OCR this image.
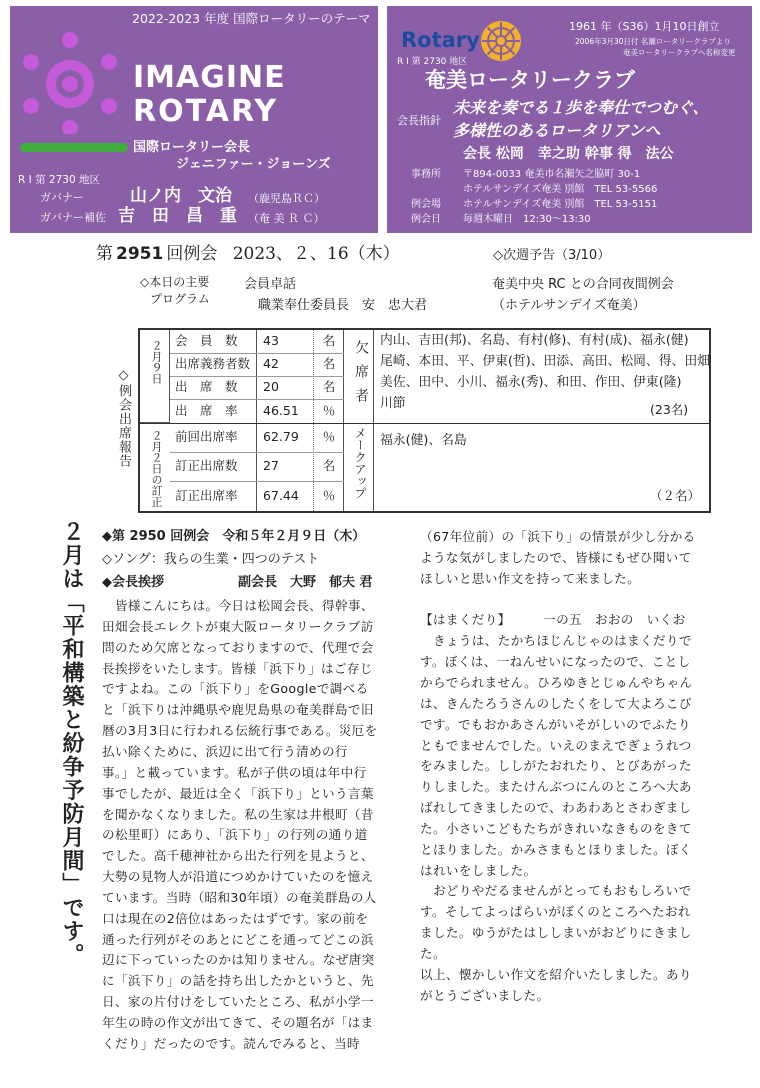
2022-2023 年度 国際ロータリーのテーマ
IMAGINE
ROTARY
国際ロータリー会長
ジェニファー・ジョーンズ
R I 第 2730 地区
ガバナー	山ノ内　文治 （鹿児島ＲＣ）
ガバナー補佐 吉　田　昌　重 （奄 美 Ｒ Ｃ）
Rotary
1961 年（S36）1月10日創立
2006年3月30日付 名瀬ロータリークラブより
奄美ロータリークラブへ名称変更
R I 第 2730 地区
奄美ロータリークラブ
会長指針
未来を奏でる１歩を奉仕でつむぐ、
多様性のあるロータリアンへ
会長 松岡　幸之助 幹事 得　法公
事務所 〒894-0033 奄美市名瀬矢之脇町 30-1
ホテルサンデイズ奄美 別館　TEL 53-5566
例会場 ホテルサンデイズ奄美 別館　TEL 53-5151
例会日 毎週木曜日　12:30～13:30
第 2951 回例会 2023、２、16（木）	◇次週予告（3/10）
◇本日の主要
プログラム
会員卓話
職業奉仕委員長　安　忠大君
奄美中央 RC との合同夜間例会
（ホテルサンデイズ奄美）
◇例会出席報告
２月９日
２月２日の訂正
会　員　数	43	名
出席義務者数	42	名
出　席　数	20	名
出　席　率	46.51	％
前回出席率	62.79	％
訂正出席数	27	名
訂正出席率	67.44	％
欠席者
メークアップ
内山、吉田(邦)、名島、有村(修)、有村(成)、福永(健)
尾崎、本田、平、伊東(哲)、田添、高田、松岡、得、田畑
美佐、田中、小川、福永(秀)、和田、作田、伊東(隆)
川節	(23名)
福永(健)、名島
（２名）
２月は「平和構築と紛争予防月間」です。 ◆第 2950 回例会　令和５年２月９日（木）
◇ソング：我らの生業・四つのテスト
◆会長挨拶	副会長　大野　郁夫 君
　皆様こんにちは。今日は松岡会長、得幹事、
田畑会長エレクトが東大阪ロータリークラブ訪
問のため欠席となっておりますので、代理で会
長挨拶をいたします。皆様「浜下り」はご存じ
ですよね。この「浜下り」をGoogleで調べる
と「浜下りは沖縄県や鹿児島県の奄美群島で旧
暦の3月3日に行われる伝統行事である。災厄を
払い除くために、浜辺に出て行う清めの行
事。」と載っています。私が子供の頃は年中行
事でしたが、最近は全く「浜下り」という言葉
を聞かなくなりました。私の生家は井根町（昔
の松里町）にあり、「浜下り」の行列の通り道
でした。高千穂神社から出た行列を見ようと、
大勢の見物人が沿道につめかけていたのを憶え
ています。当時（昭和30年頃）の奄美群島の人
口は現在の2倍位はあったはずです。家の前を
通った行列がそのあとにどこを通ってどこの浜
辺に下っていったのかは知りません。なぜ唐突
に「浜下り」の話を持ち出したかというと、先
日、家の片付けをしていたところ、私が小学一
年生の時の作文が出てきて、その題名が「はま
くだり」だったのです。読んでみると、当時
（67年位前）の「浜下り」の情景が少し分かる
ような気がしましたので、皆様にもぜひ聞いて
ほしいと思い作文を持って来ました。
【はまくだり】　　　一の五　おおの　いくお
　きょうは、たかちほじんじゃのはまくだりで
す。ぼくは、一ねんせいになったので、ことし
からでられません。ひろゆきとじゅんやちゃん
は、きんたろうさんのしたくをして大よろこび
です。でもおかあさんがいそがしいのでふたり
ともでませんでした。いえのまえでぎょうれつ
をみました。ししがたおれたり、とびあがった
りしました。またけんぶつにんのところへ大あ
ばれしてきましたので、わあわあとさわぎまし
た。小さいこどもたちがきれいなきものをきて
とほりました。かみさまもとほりました。ぼく
はれいをしました。
　おどりやだるませんがとってもおもしろいで
す。そしてよっぱらいがぼくのところへたおれ
ました。ゆうがたはししまいがおどりにきまし
た。
以上、懐かしい作文を紹介いたしました。あり
がとうございました。
